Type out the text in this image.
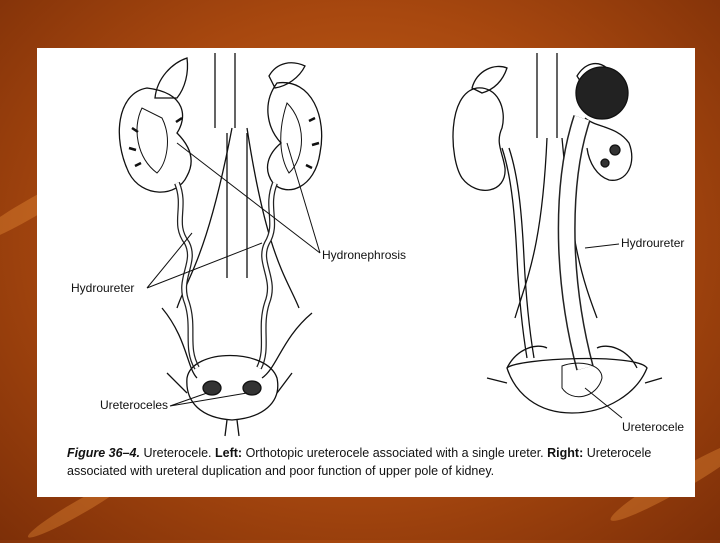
Hydronephrosis
Hydroureter
Ureteroceles
Hydroureter
Ureterocele
Figure 36–4. Ureterocele. Left: Orthotopic ureterocele associated with a single ureter. Right: Ureterocele associated with ureteral duplication and poor function of upper pole of kidney.
